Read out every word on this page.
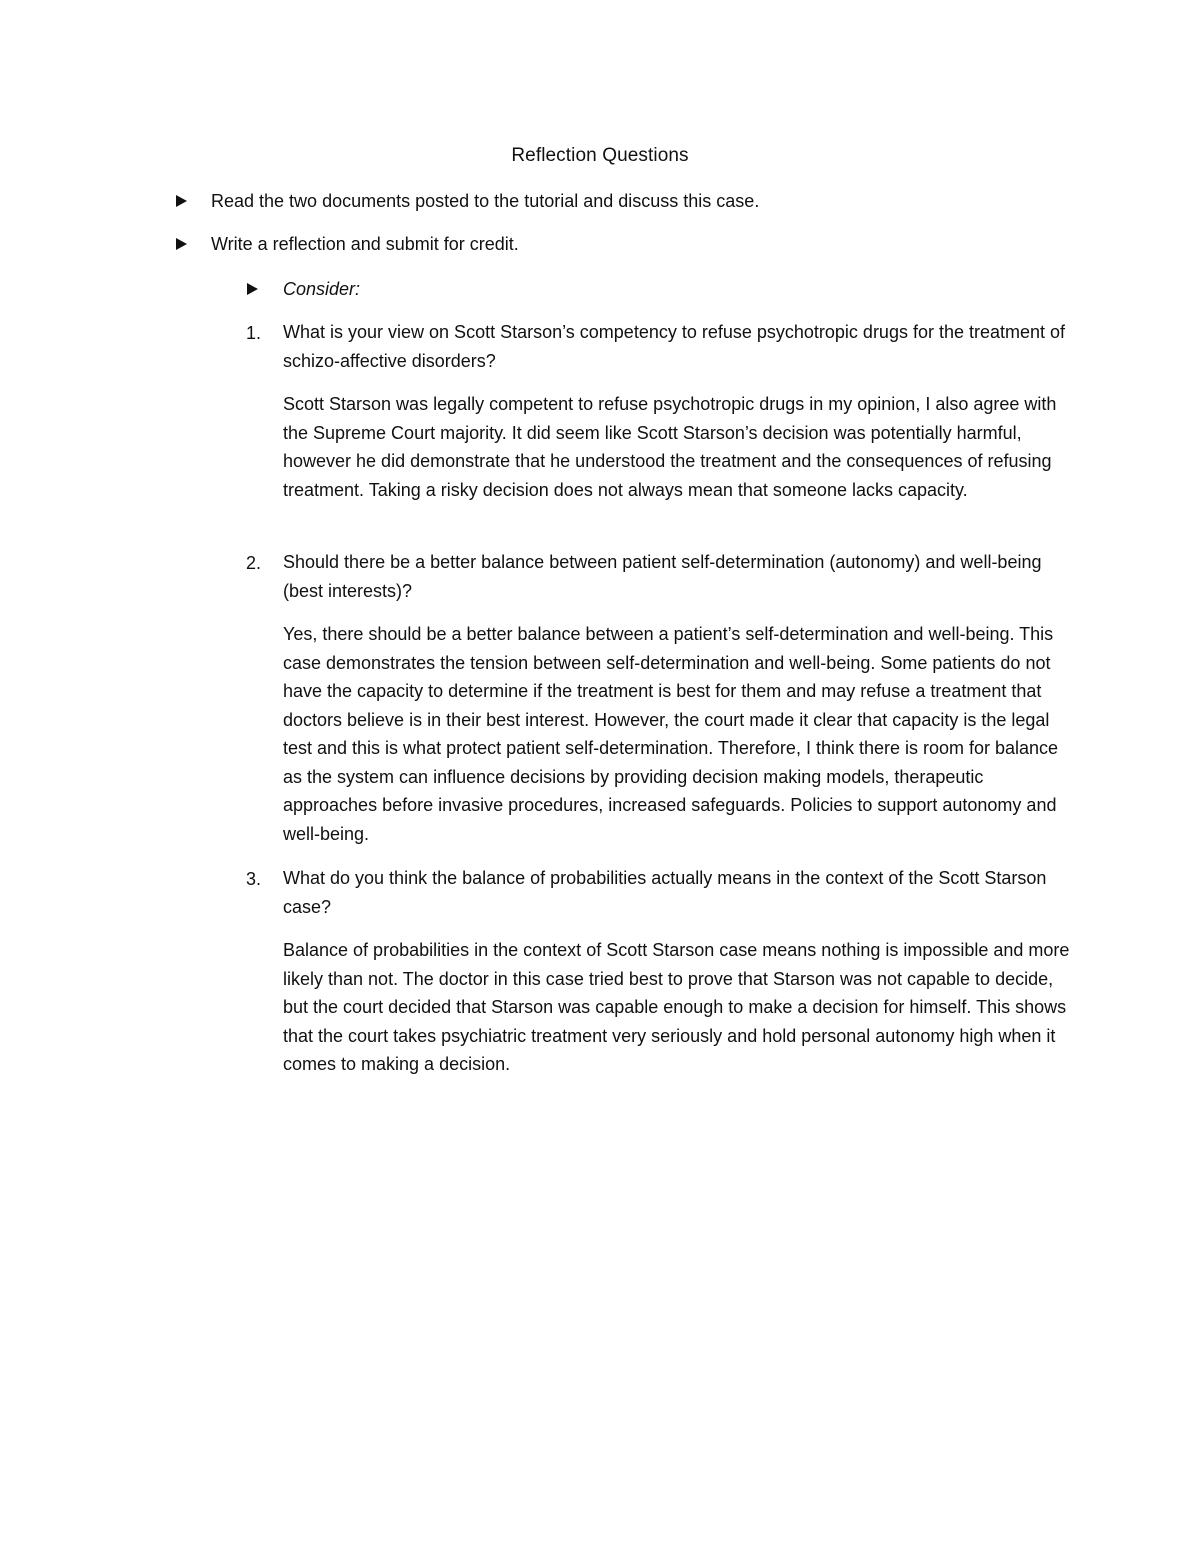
Reflection Questions
Read the two documents posted to the tutorial and discuss this case.
Write a reflection and submit for credit.
Consider:
1. What is your view on Scott Starson’s competency to refuse psychotropic drugs for the treatment of schizo-affective disorders?
Scott Starson was legally competent to refuse psychotropic drugs in my opinion, I also agree with the Supreme Court majority. It did seem like Scott Starson’s decision was potentially harmful, however he did demonstrate that he understood the treatment and the consequences of refusing treatment. Taking a risky decision does not always mean that someone lacks capacity.
2. Should there be a better balance between patient self-determination (autonomy) and well-being (best interests)?
Yes, there should be a better balance between a patient’s self-determination and well-being. This case demonstrates the tension between self-determination and well-being. Some patients do not have the capacity to determine if the treatment is best for them and may refuse a treatment that doctors believe is in their best interest. However, the court made it clear that capacity is the legal test and this is what protect patient self-determination. Therefore, I think there is room for balance as the system can influence decisions by providing decision making models, therapeutic approaches before invasive procedures, increased safeguards. Policies to support autonomy and well-being.
3. What do you think the balance of probabilities actually means in the context of the Scott Starson case?
Balance of probabilities in the context of Scott Starson case means nothing is impossible and more likely than not. The doctor in this case tried best to prove that Starson was not capable to decide, but the court decided that Starson was capable enough to make a decision for himself. This shows that the court takes psychiatric treatment very seriously and hold personal autonomy high when it comes to making a decision.
